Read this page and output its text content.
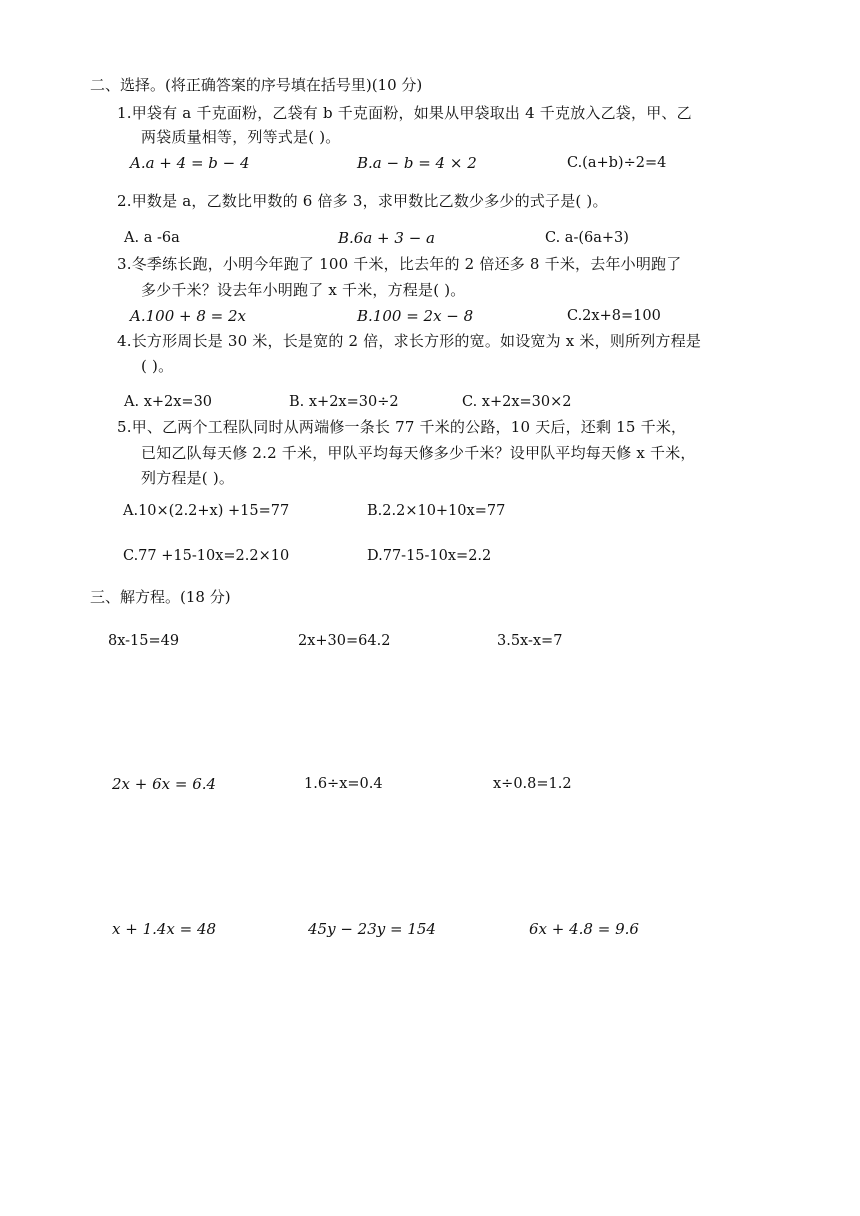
二、选择。(将正确答案的序号填在括号里)(10 分)
1.甲袋有 a 千克面粉，乙袋有 b 千克面粉，如果从甲袋取出 4 千克放入乙袋，甲、乙
两袋质量相等，列等式是( )。
A.a + 4 = b − 4	B.a − b = 4 × 2	C.(a+b)÷2=4
2.甲数是 a，乙数比甲数的 6 倍多 3，求甲数比乙数少多少的式子是( )。
A. a -6a	B.6a + 3 − a	C. a-(6a+3)
3.冬季练长跑，小明今年跑了 100 千米，比去年的 2 倍还多 8 千米，去年小明跑了
多少千米？设去年小明跑了 x 千米，方程是( )。
A.100 + 8 = 2x	B.100 = 2x − 8	C.2x+8=100
4.长方形周长是 30 米，长是宽的 2 倍，求长方形的宽。如设宽为 x 米，则所列方程是
( )。
A. x+2x=30	B. x+2x=30÷2	C. x+2x=30×2
5.甲、乙两个工程队同时从两端修一条长 77 千米的公路，10 天后，还剩 15 千米，
已知乙队每天修 2.2 千米，甲队平均每天修多少千米？设甲队平均每天修 x 千米，
列方程是( )。
A.10×(2.2+x) +15=77	B.2.2×10+10x=77
C.77 +15-10x=2.2×10	D.77-15-10x=2.2
三、解方程。(18 分)
8x-15=49	2x+30=64.2	3.5x-x=7
2x + 6x = 6.4	1.6÷x=0.4	x÷0.8=1.2
x + 1.4x = 48	45y − 23y = 154	6x + 4.8 = 9.6
